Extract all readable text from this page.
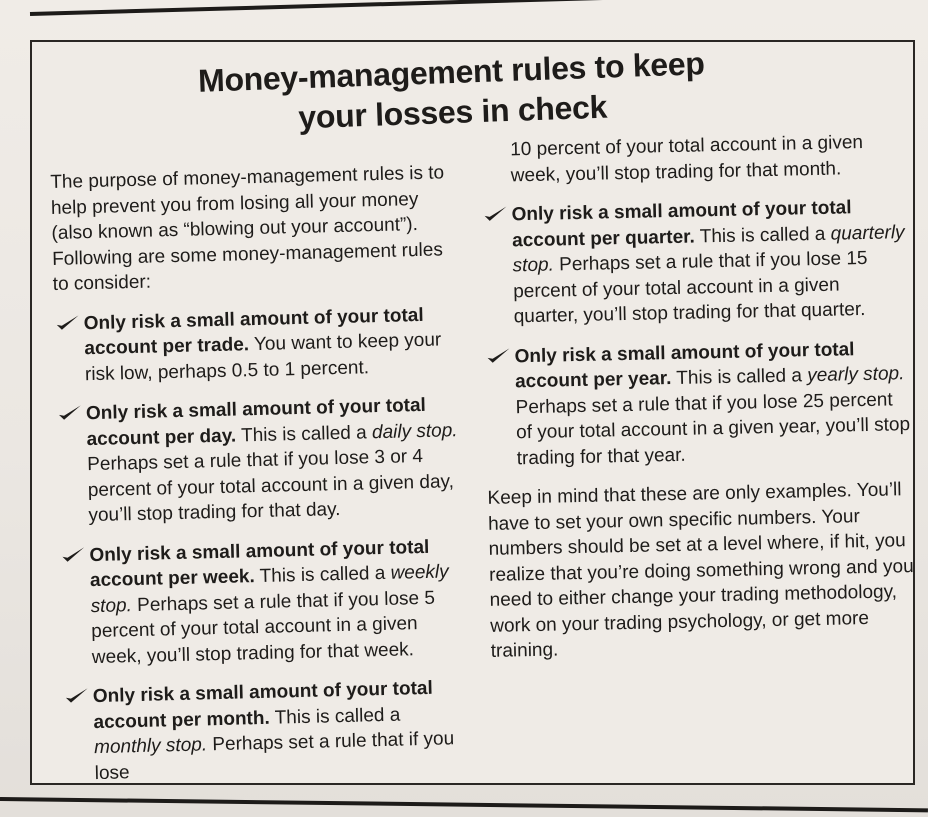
Money-management rules to keep
your losses in check

The purpose of money-management rules is to help prevent you from losing all your money (also known as “blowing out your account”). Following are some money-management rules to consider:

Only risk a small amount of your total account per trade. You want to keep your risk low, perhaps 0.5 to 1 percent.
Only risk a small amount of your total account per day. This is called a daily stop. Perhaps set a rule that if you lose 3 or 4 percent of your total account in a given day, you’ll stop trading for that day.
Only risk a small amount of your total account per week. This is called a weekly stop. Perhaps set a rule that if you lose 5 percent of your total account in a given week, you’ll stop trading for that week.
Only risk a small amount of your total account per month. This is called a monthly stop. Perhaps set a rule that if you lose

10 percent of your total account in a given week, you’ll stop trading for that month.

Only risk a small amount of your total account per quarter. This is called a quarterly stop. Perhaps set a rule that if you lose 15 percent of your total account in a given quarter, you’ll stop trading for that quarter.
Only risk a small amount of your total account per year. This is called a yearly stop. Perhaps set a rule that if you lose 25 percent of your total account in a given year, you’ll stop trading for that year.

Keep in mind that these are only examples. You’ll have to set your own specific numbers. Your numbers should be set at a level where, if hit, you realize that you’re doing something wrong and you need to either change your trading methodology, work on your trading psychology, or get more training.
